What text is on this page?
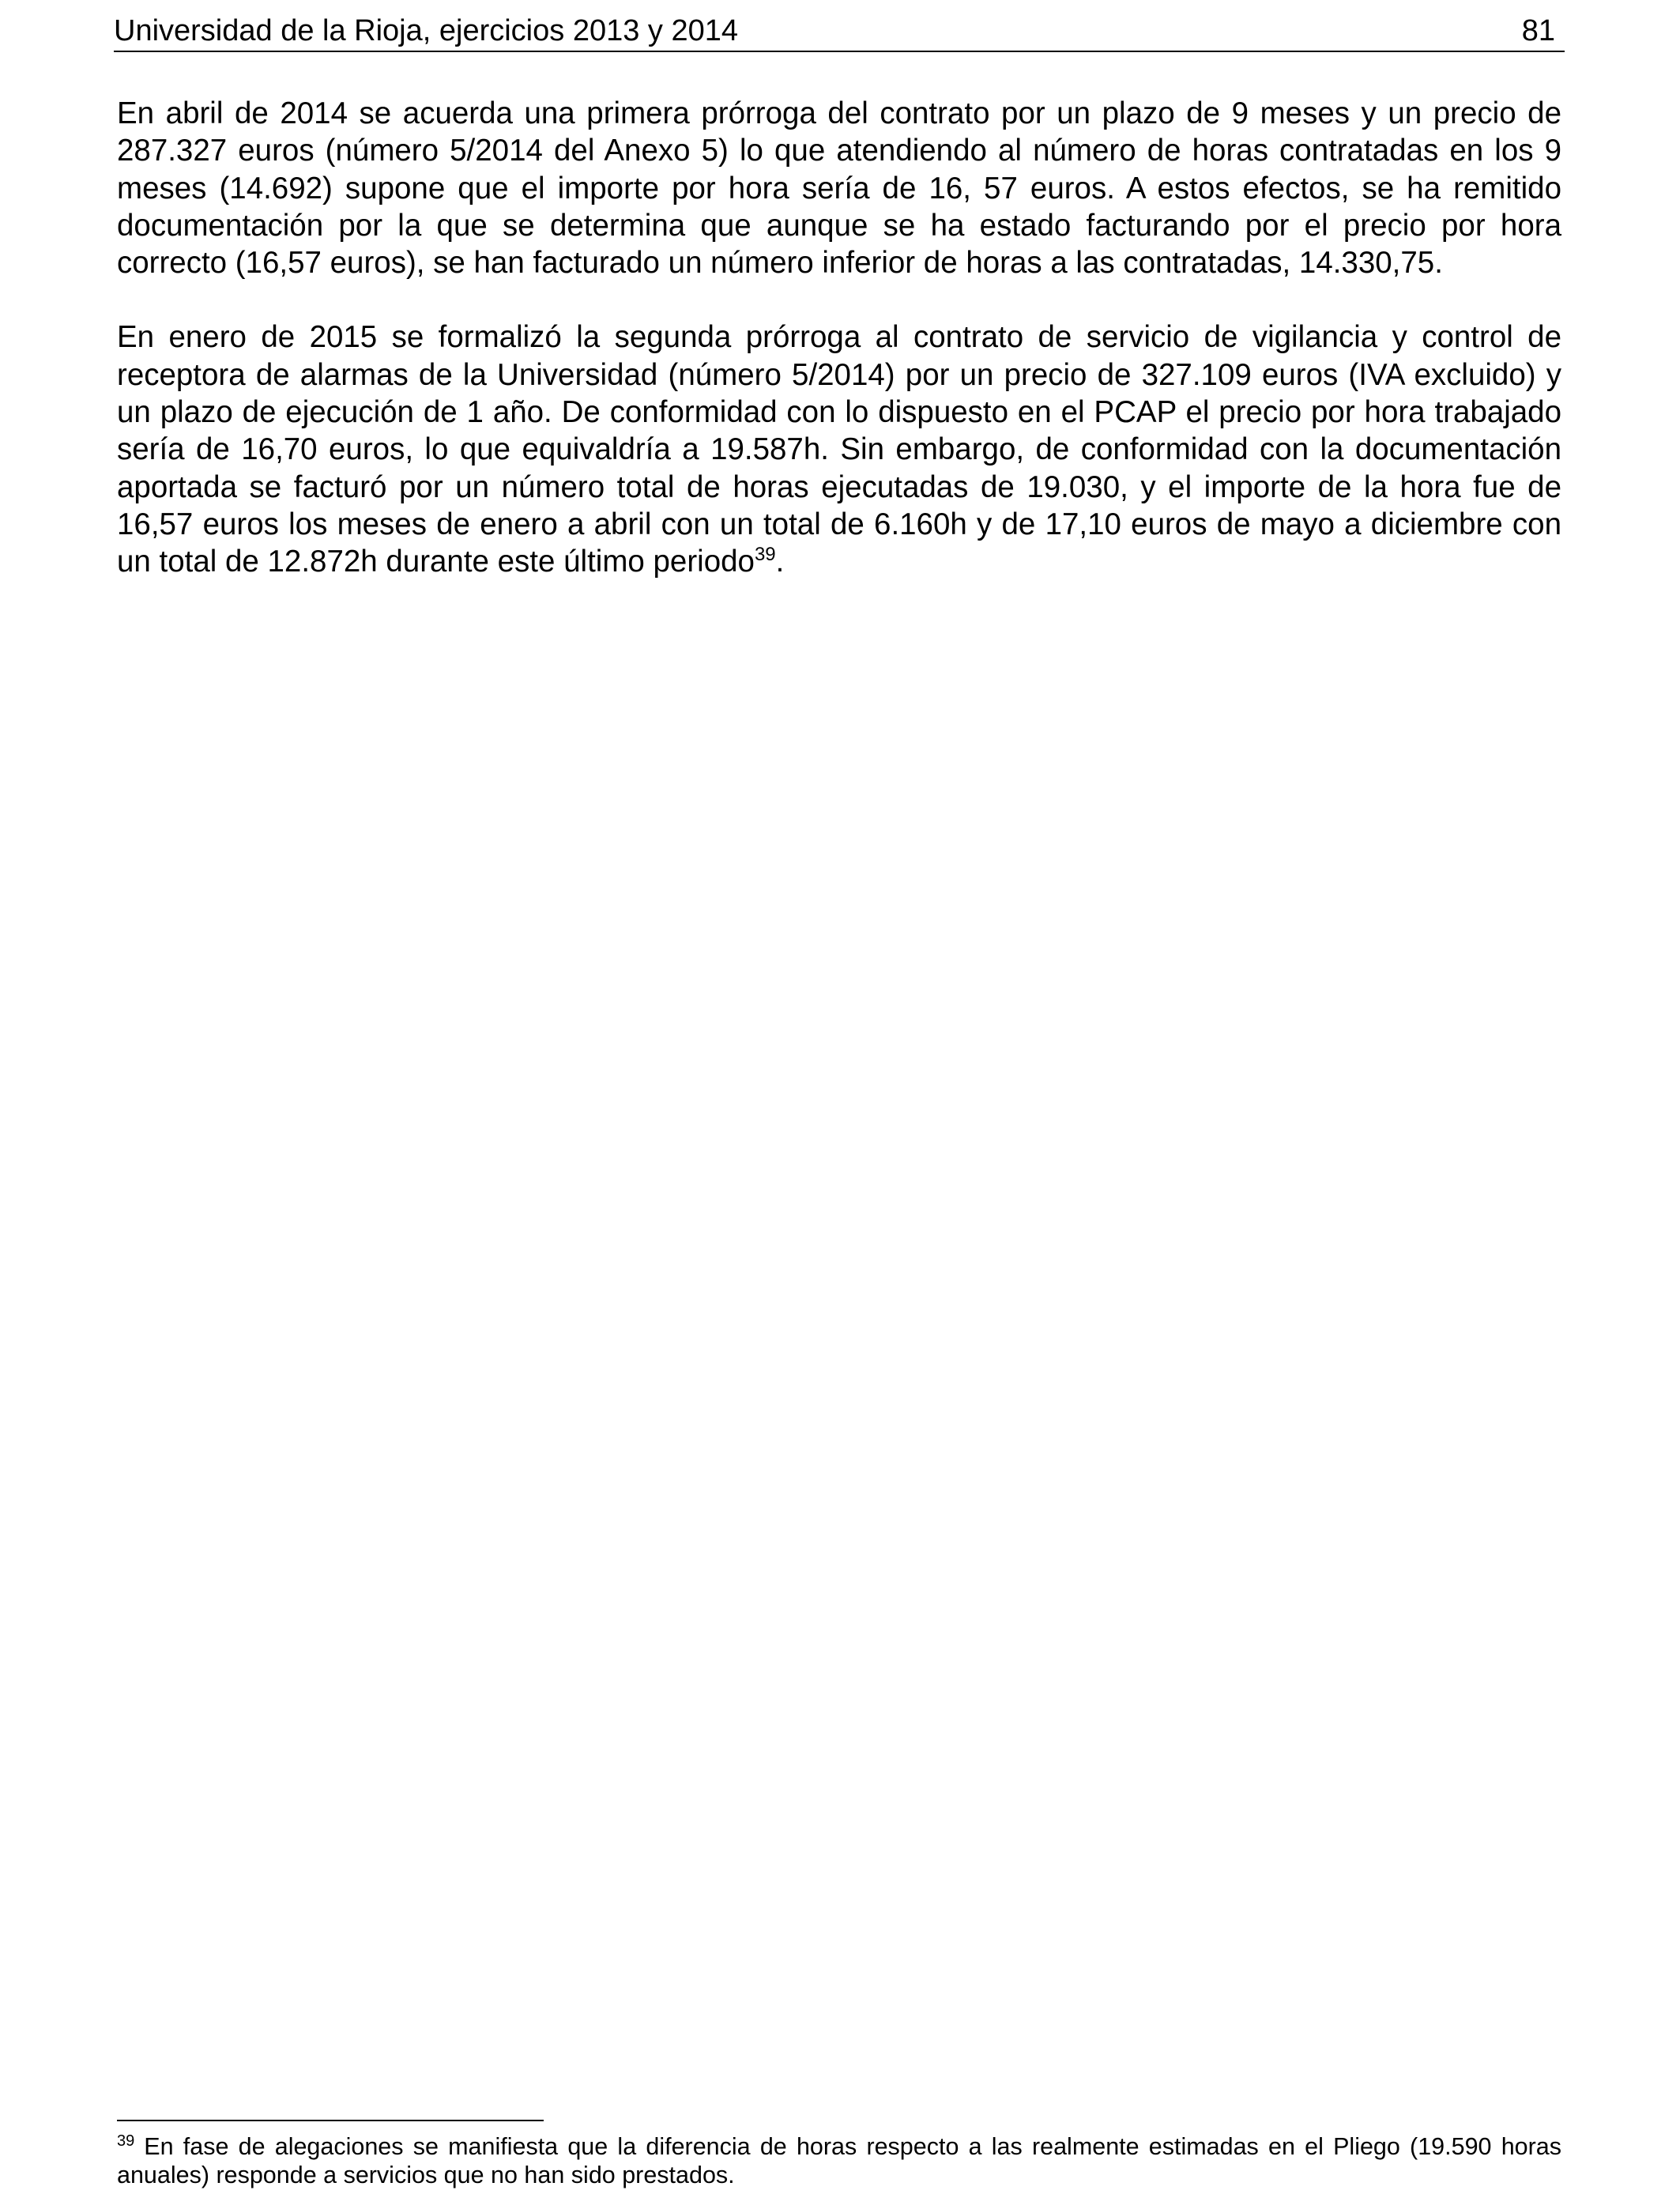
Universidad de la Rioja, ejercicios 2013 y 2014	81

En abril de 2014 se acuerda una primera prórroga del contrato por un plazo de 9 meses y un precio de 287.327 euros (número 5/2014 del Anexo 5) lo que atendiendo al número de horas contratadas en los 9 meses (14.692) supone que el importe por hora sería de 16, 57 euros. A estos efectos, se ha remitido documentación por la que se determina que aunque se ha estado facturando por el precio por hora correcto (16,57 euros), se han facturado un número inferior de horas a las contratadas, 14.330,75.

En enero de 2015 se formalizó la segunda prórroga al contrato de servicio de vigilancia y control de receptora de alarmas de la Universidad (número 5/2014) por un precio de 327.109 euros (IVA excluido) y un plazo de ejecución de 1 año. De conformidad con lo dispuesto en el PCAP el precio por hora trabajado sería de 16,70 euros, lo que equivaldría a 19.587h. Sin embargo, de conformidad con la documentación aportada se facturó por un número total de horas ejecutadas de 19.030, y el importe de la hora fue de 16,57 euros los meses de enero a abril con un total de 6.160h y de 17,10 euros de mayo a diciembre con un total de 12.872h durante este último periodo$^{39}$.

$^{39}$ En fase de alegaciones se manifiesta que la diferencia de horas respecto a las realmente estimadas en el Pliego (19.590 horas anuales) responde a servicios que no han sido prestados.
